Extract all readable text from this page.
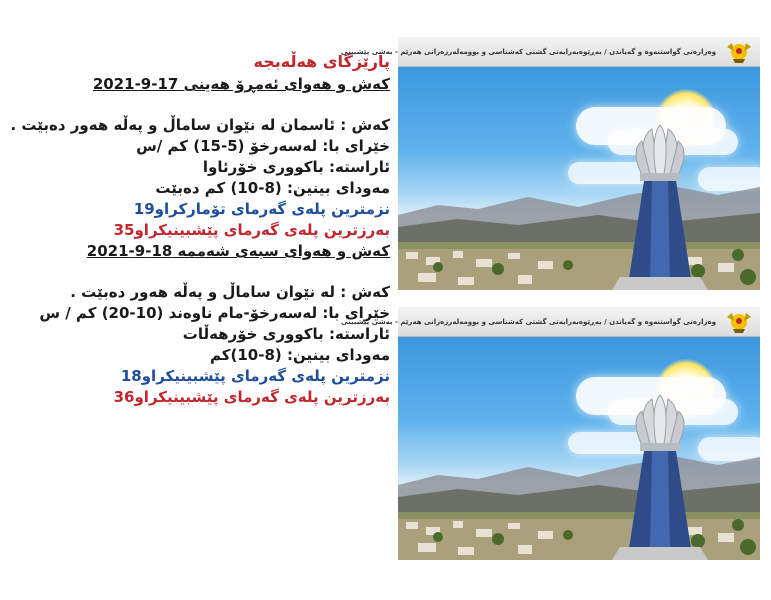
پارێزگای هەڵەبجە
کەش و هەوای ئەمڕۆ هەینی 17-9-2021
کەش : ئاسمان لە نێوان ساماڵ و پەڵە هەور دەبێت .
خێرای با: لەسەرخۆ (5-15) کم /س
ئاراستە: باکووری خۆرئاوا
مەودای بینین: (8-10) کم دەبێت
نزمترین پلەی گەرمای تۆمارکراو19
بەرزترین پلەی گەرمای پێشبینیکراو35
کەش و هەوای سبەی شەممە 18-9-2021
کەش : لە نێوان ساماڵ و پەڵە هەور دەبێت .
خێرای با: لەسەرخۆ-مام ناوەند (10-20) کم / س
ئاراستە: باکووری خۆرهەڵات
مەودای بینین: (8-10)کم
نزمترین پلەی گەرمای پێشبینیکراو18
بەرزترین پلەی گەرمای پێشبینیکراو36
وەزارەتی گواستنەوە و گەیاندن / بەڕێوەبەرایەتی گشتی کەشناسی و بوومەلەرزەزانی هەرێم - بەشی پێشبینی
وەزارەتی گواستنەوە و گەیاندن / بەڕێوەبەرایەتی گشتی کەشناسی و بوومەلەرزەزانی هەرێم - بەشی پێشبینی
